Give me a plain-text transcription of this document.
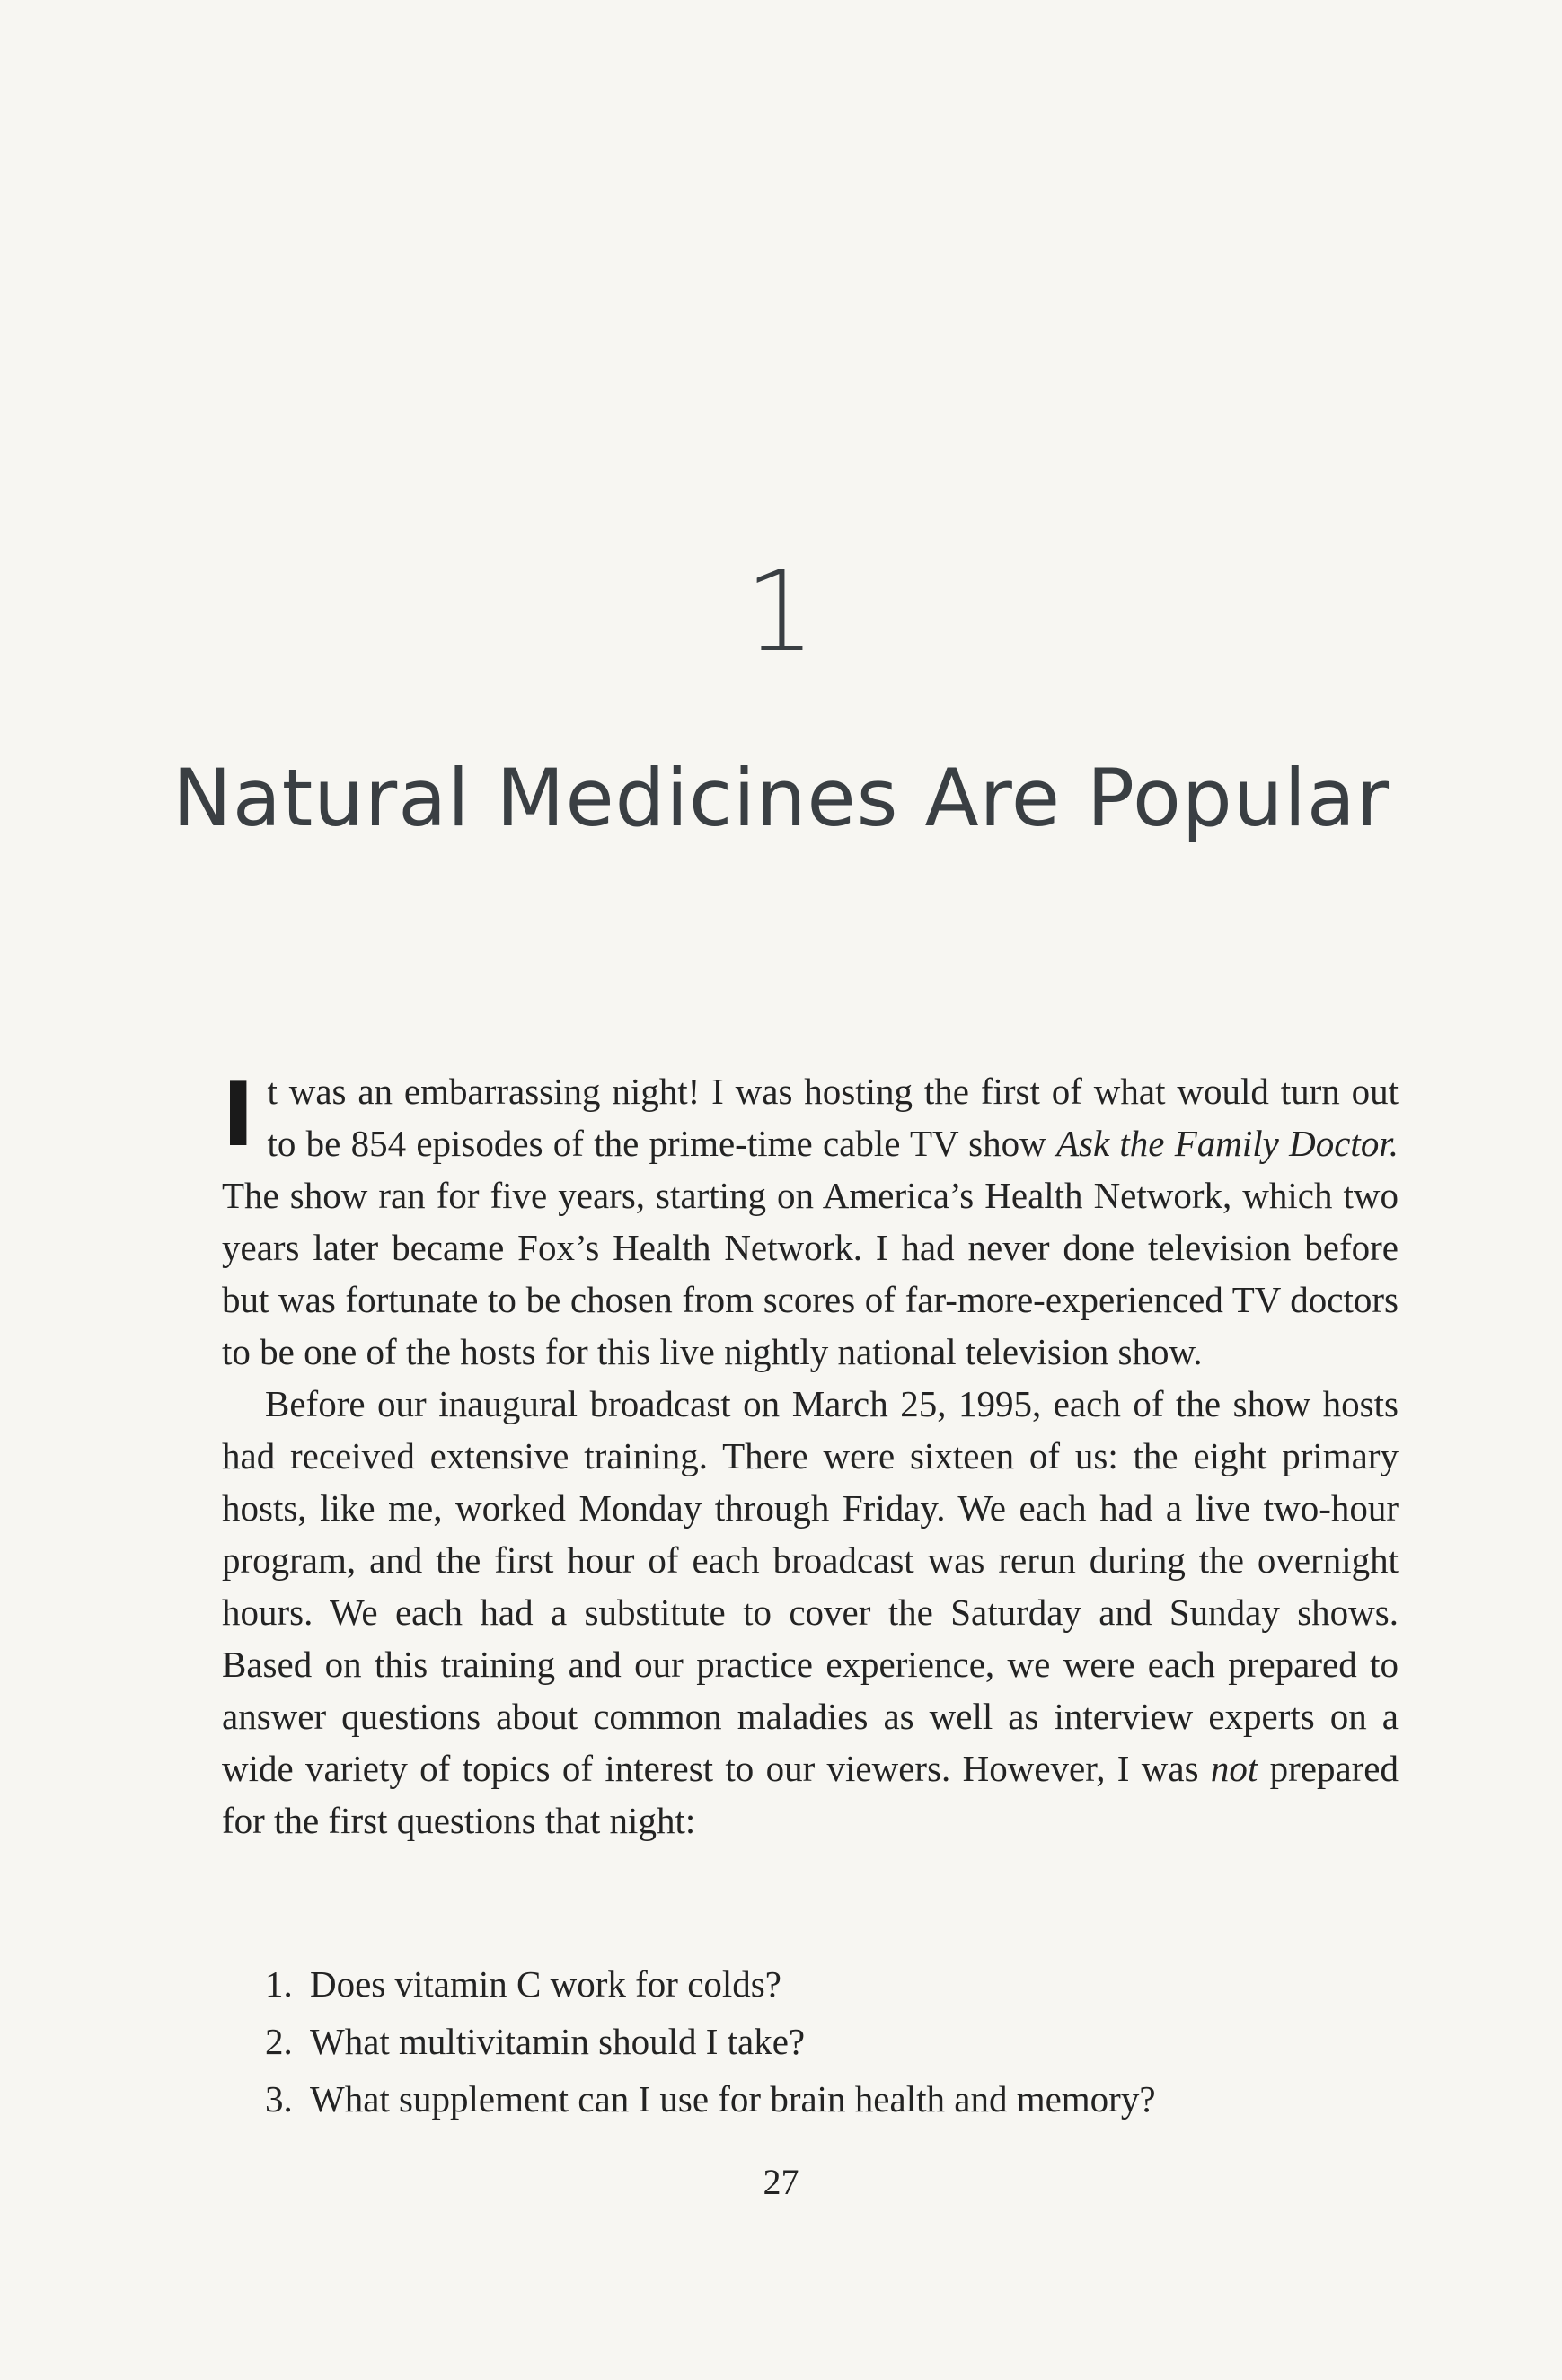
1
Natural Medicines Are Popular

It was an embarrassing night! I was hosting the first of what would turn out to be 854 episodes of the prime-time cable TV show Ask the Family Doctor. The show ran for five years, starting on America’s Health Network, which two years later became Fox’s Health Network. I had never done television before but was fortunate to be chosen from scores of far-more-experienced TV doctors to be one of the hosts for this live nightly national television show.

Before our inaugural broadcast on March 25, 1995, each of the show hosts had received extensive training. There were sixteen of us: the eight primary hosts, like me, worked Monday through Friday. We each had a live two-hour program, and the first hour of each broadcast was rerun during the overnight hours. We each had a substitute to cover the Saturday and Sunday shows. Based on this training and our practice experience, we were each prepared to answer questions about common maladies as well as interview experts on a wide variety of topics of interest to our viewers. However, I was not prepared for the first questions that night:

1. Does vitamin C work for colds?
2. What multivitamin should I take?
3. What supplement can I use for brain health and memory?
27
